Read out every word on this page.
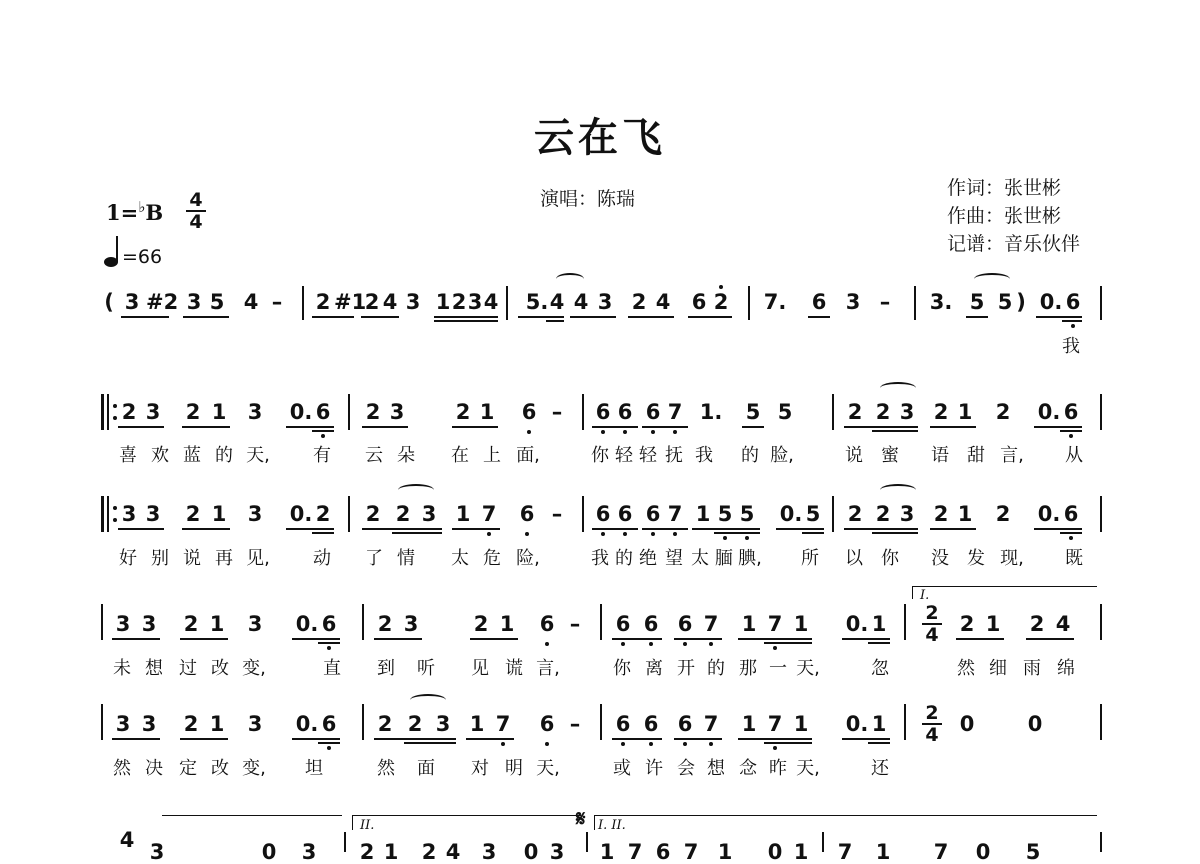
云在飞
演唱：陈瑞	作词：张世彬
作曲：张世彬
记谱：音乐伙伴
1=♭B 4
4
=66
( 3 #2 3 5 4 – 2 #1
2 4 3 1 2 3 4 5. 4 4 3 2 4 6 2 7. 6 3 – 3. 5 5 ) 0. 6
我
2 3 2 1 3 0. 6 2 3 2 1 6 – 6 6 6 7 1. 5 5	2 2 3 2 1 2 0. 6
喜 欢 蓝 的 天, 有 云 朵 在 上 面,	你 轻 轻 抚 我 的 脸,	说 蜜 语 甜 言, 从
3 3 2 1 3 0. 2 2 2 3 1 7 6 – 6 6 6 7 1 5 5 0. 5 2 2 3 2 1 2 0. 6
好 别 说 再 见, 动 了 情 太 危 险,	我 的 绝 望 太 腼 腆, 所 以 你 没 发 现, 既
3 3 2 1 3 0. 6 2 3	2 1 6 – 6 6 6 7 1 7 1 0. 1
I.
2
4 2 1 2 4
未 想 过 改 变,	直 到 听 见 谎 言,	你 离 开 的 那 一 天,	忽	然 细 雨 绵
3 3 2 1 3 0. 6 2 2 3 1 7 6 – 6 6 6 7 1 7 1 0. 1 2
4 0	0
然 决 定 改 变, 坦	然 面 对 明 天,	或 许 会 想 念 昨 天,	还
II.	𝄋 I. II.
4 3	0 3 2 1 2 4 3 0 3 1 7 6 7 1 0 1 7 1 7 0 5
